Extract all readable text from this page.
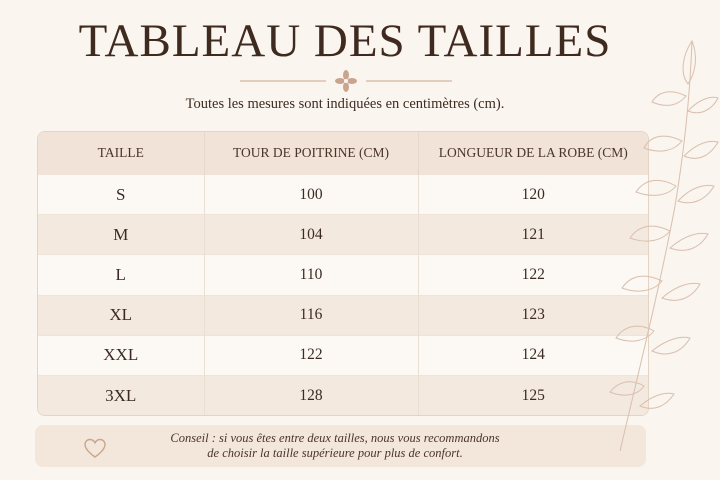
TABLEAU DES TAILLES
Toutes les mesures sont indiquées en centimètres (cm).
TAILLE	TOUR DE POITRINE (CM)	LONGUEUR DE LA ROBE (CM)
S	100	120
M	104	121
L	110	122
XL	116	123
XXL	122	124
3XL	128	125
Conseil : si vous êtes entre deux tailles, nous vous recommandons
de choisir la taille supérieure pour plus de confort.
